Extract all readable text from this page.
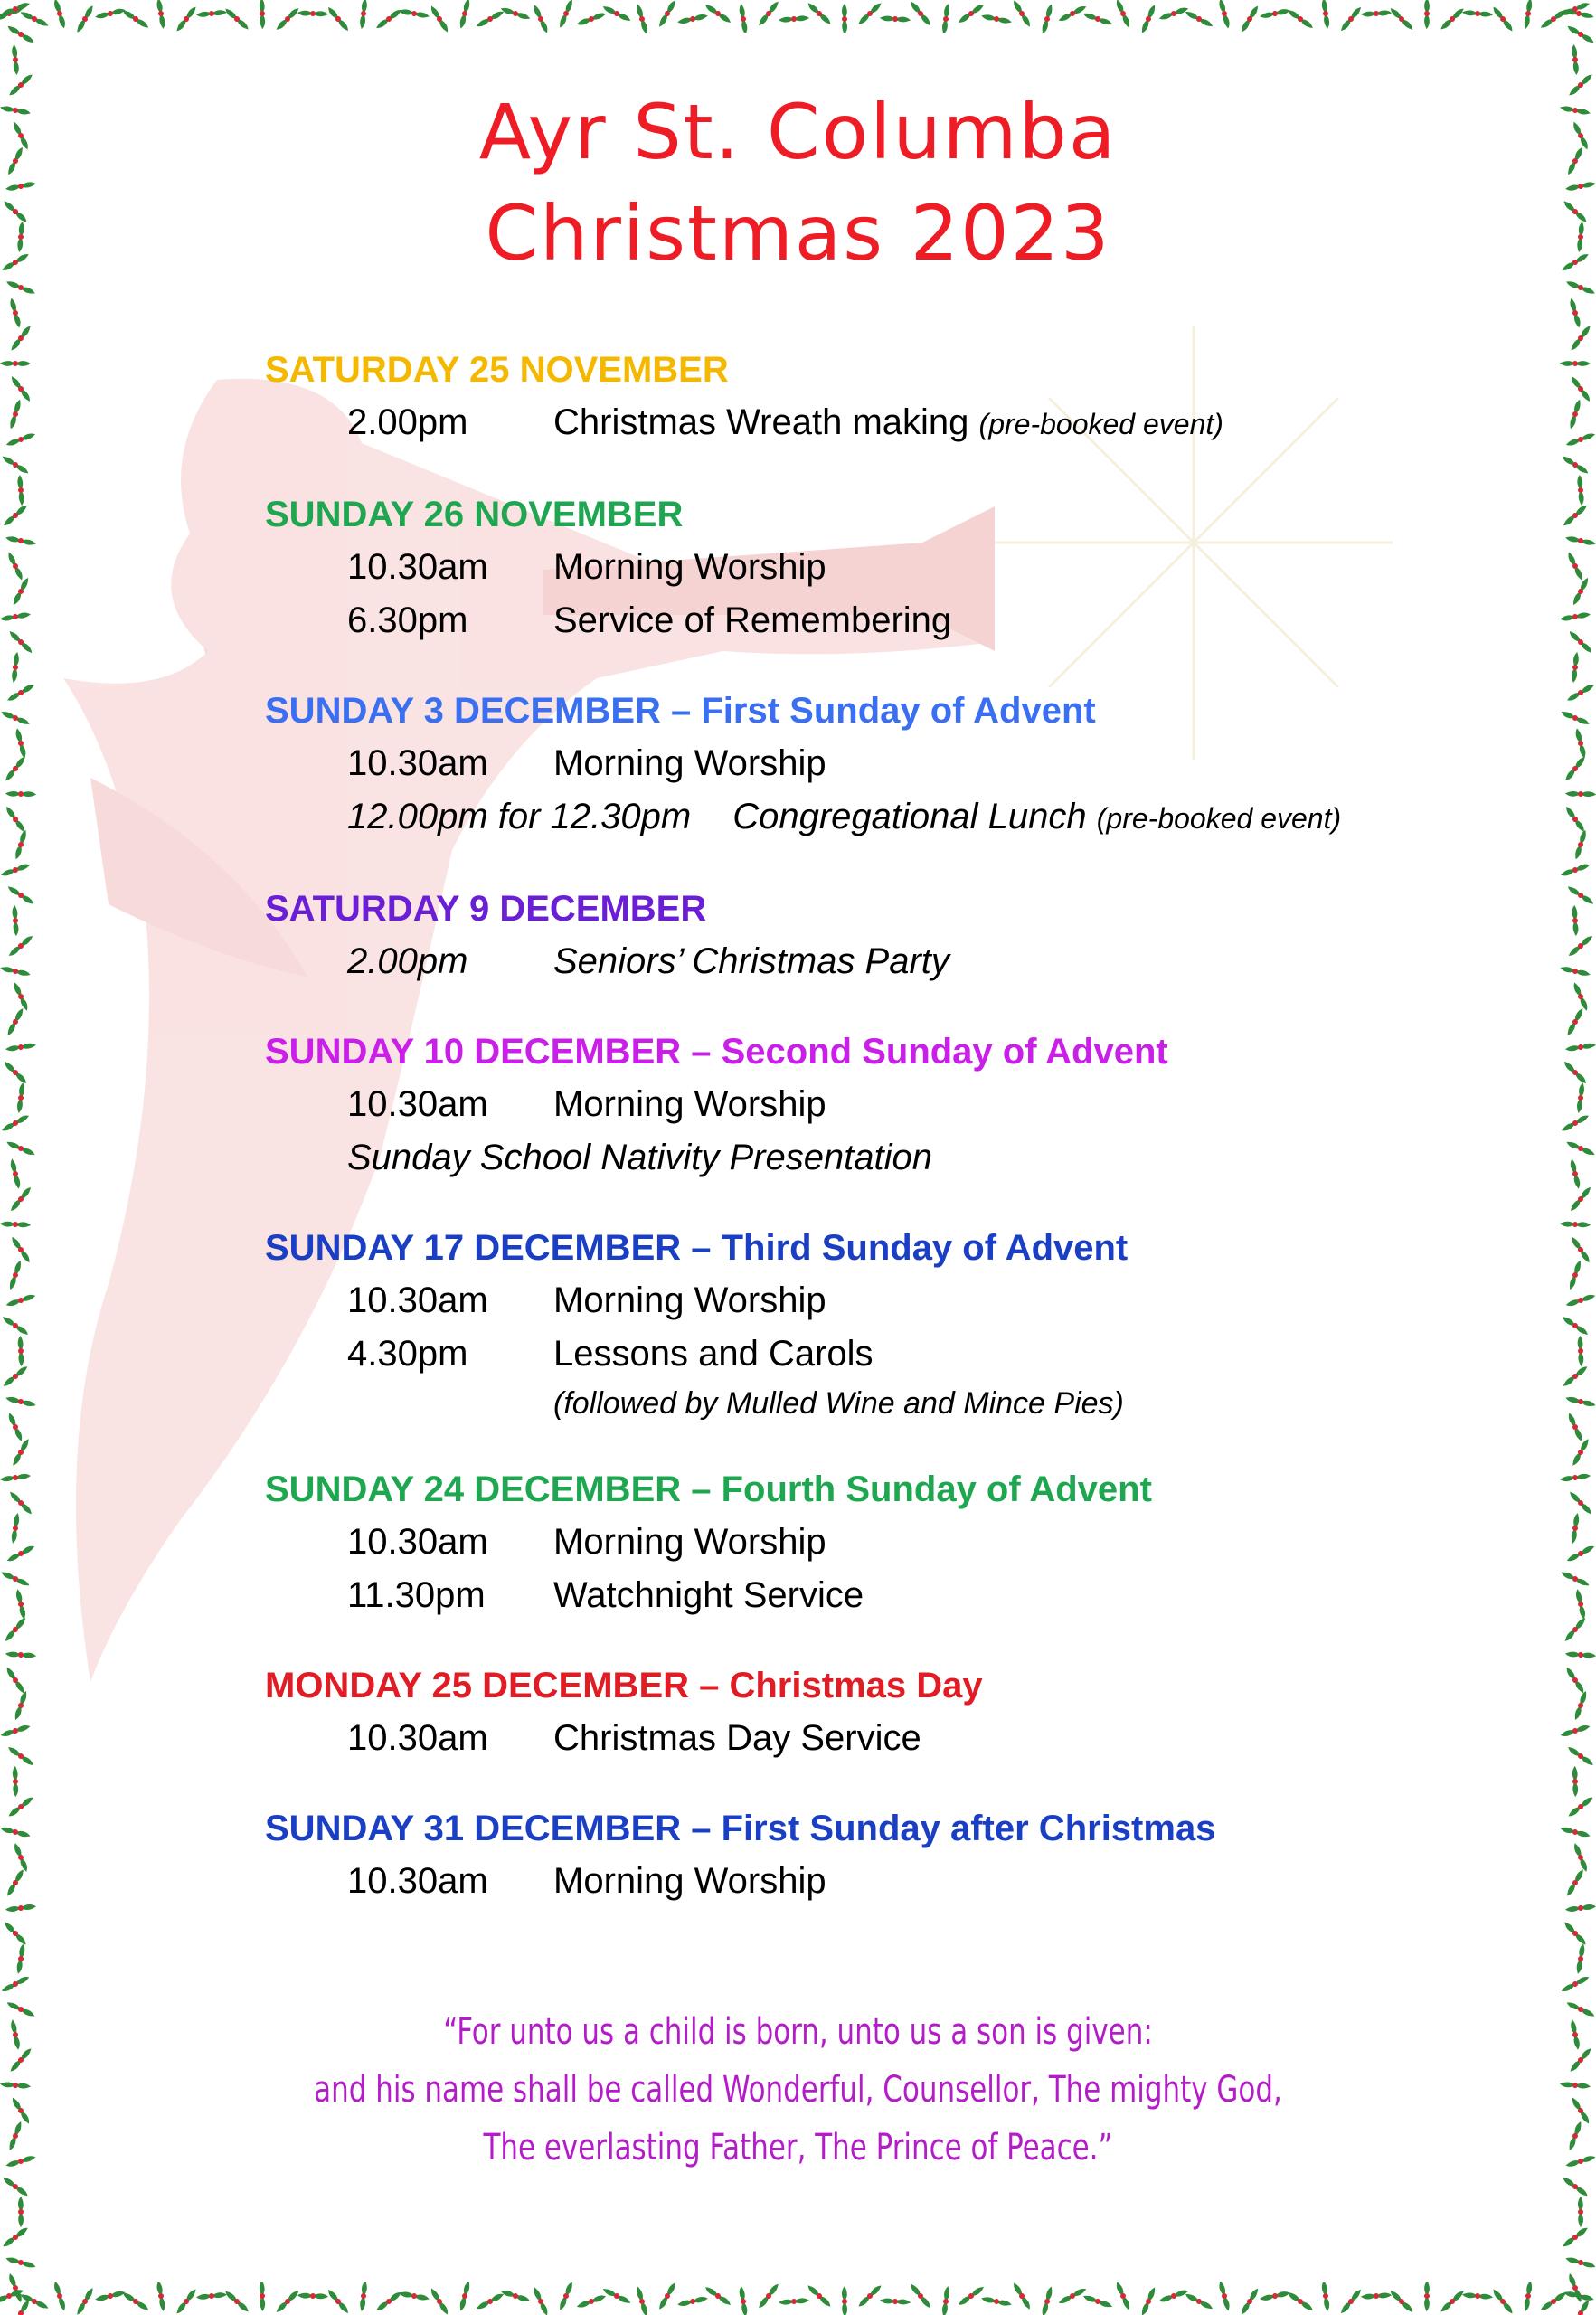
Ayr St. Columba
Christmas 2023
SATURDAY 25 NOVEMBER
2.00pm Christmas Wreath making (pre-booked event)
SUNDAY 26 NOVEMBER
10.30am Morning Worship
6.30pm Service of Remembering
SUNDAY 3 DECEMBER – First Sunday of Advent
10.30am Morning Worship
12.00pm for 12.30pm Congregational Lunch (pre-booked event)
SATURDAY 9 DECEMBER
2.00pm Seniors’ Christmas Party
SUNDAY 10 DECEMBER – Second Sunday of Advent
10.30am Morning Worship
Sunday School Nativity Presentation
SUNDAY 17 DECEMBER – Third Sunday of Advent
10.30am Morning Worship
4.30pm Lessons and Carols
(followed by Mulled Wine and Mince Pies)
SUNDAY 24 DECEMBER – Fourth Sunday of Advent
10.30am Morning Worship
11.30pm Watchnight Service
MONDAY 25 DECEMBER – Christmas Day
10.30am Christmas Day Service
SUNDAY 31 DECEMBER – First Sunday after Christmas
10.30am Morning Worship
“For unto us a child is born, unto us a son is given:
and his name shall be called Wonderful, Counsellor, The mighty God,
The everlasting Father, The Prince of Peace.”
